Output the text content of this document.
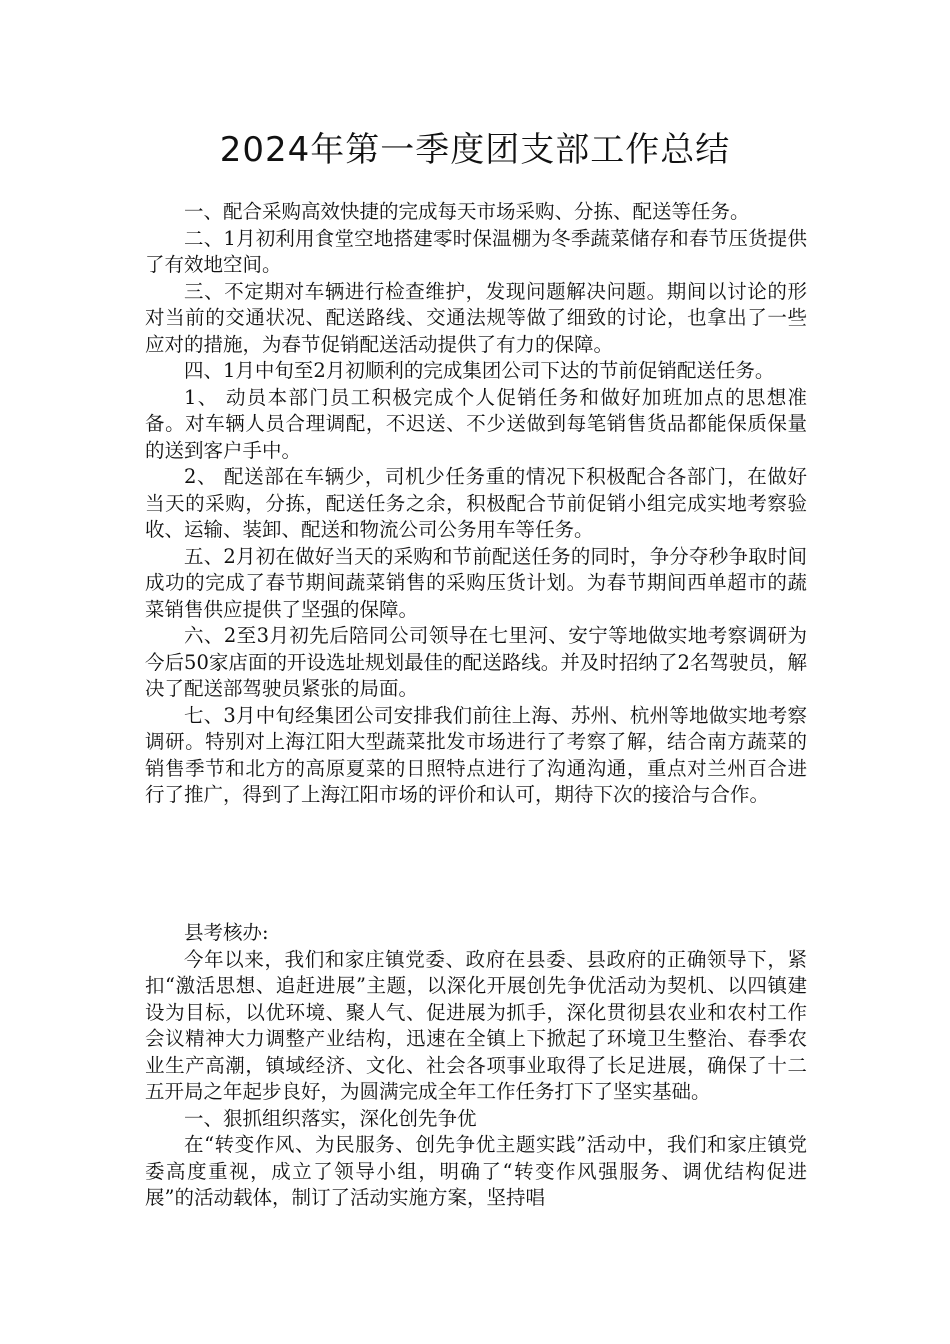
2024年第一季度团支部工作总结

一、配合采购高效快捷的完成每天市场采购、分拣、配送等任务。

二、1月初利用食堂空地搭建零时保温棚为冬季蔬菜储存和春节压货提供了有效地空间。

三、不定期对车辆进行检查维护，发现问题解决问题。期间以讨论的形对当前的交通状况、配送路线、交通法规等做了细致的讨论，也拿出了一些应对的措施，为春节促销配送活动提供了有力的保障。

四、1月中旬至2月初顺利的完成集团公司下达的节前促销配送任务。

1、 动员本部门员工积极完成个人促销任务和做好加班加点的思想准备。对车辆人员合理调配，不迟送、不少送做到每笔销售货品都能保质保量的送到客户手中。

2、 配送部在车辆少，司机少任务重的情况下积极配合各部门，在做好当天的采购，分拣，配送任务之余，积极配合节前促销小组完成实地考察验收、运输、装卸、配送和物流公司公务用车等任务。

五、2月初在做好当天的采购和节前配送任务的同时，争分夺秒争取时间成功的完成了春节期间蔬菜销售的采购压货计划。为春节期间西单超市的蔬菜销售供应提供了坚强的保障。

六、2至3月初先后陪同公司领导在七里河、安宁等地做实地考察调研为今后50家店面的开设选址规划最佳的配送路线。并及时招纳了2名驾驶员，解决了配送部驾驶员紧张的局面。

七、3月中旬经集团公司安排我们前往上海、苏州、杭州等地做实地考察调研。特别对上海江阳大型蔬菜批发市场进行了考察了解，结合南方蔬菜的销售季节和北方的高原夏菜的日照特点进行了沟通沟通，重点对兰州百合进行了推广，得到了上海江阳市场的评价和认可，期待下次的接洽与合作。

县考核办:

今年以来，我们和家庄镇党委、政府在县委、县政府的正确领导下，紧扣“激活思想、追赶进展”主题，以深化开展创先争优活动为契机、以四镇建设为目标，以优环境、聚人气、促进展为抓手，深化贯彻县农业和农村工作会议精神大力调整产业结构，迅速在全镇上下掀起了环境卫生整治、春季农业生产高潮，镇域经济、文化、社会各项事业取得了长足进展，确保了十二五开局之年起步良好，为圆满完成全年工作任务打下了坚实基础。

一、狠抓组织落实，深化创先争优

在“转变作风、为民服务、创先争优主题实践”活动中，我们和家庄镇党委高度重视，成立了领导小组，明确了“转变作风强服务、调优结构促进展”的活动载体，制订了活动实施方案，坚持唱
